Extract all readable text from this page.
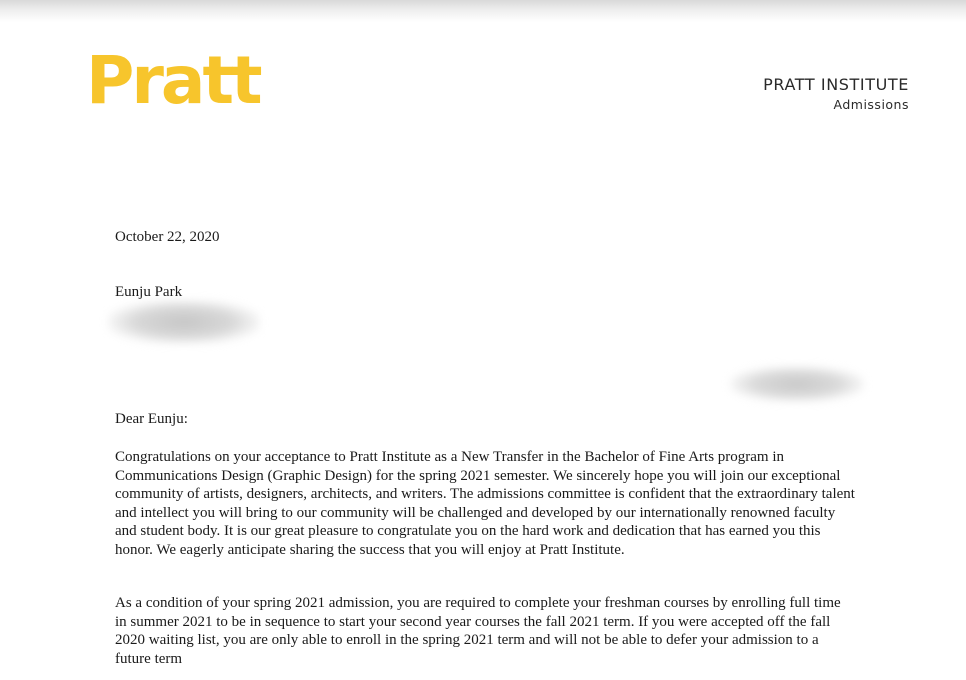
Pratt	PRATT INSTITUTE

Admissions

October 22, 2020

Eunju Park

Dear Eunju:

Congratulations on your acceptance to Pratt Institute as a New Transfer in the Bachelor of Fine Arts program in Communications Design (Graphic Design) for the spring 2021 semester. We sincerely hope you will join our exceptional community of artists, designers, architects, and writers. The admissions committee is confident that the extraordinary talent and intellect you will bring to our community will be challenged and developed by our internationally renowned faculty and student body. It is our great pleasure to congratulate you on the hard work and dedication that has earned you this honor. We eagerly anticipate sharing the success that you will enjoy at Pratt Institute.

As a condition of your spring 2021 admission, you are required to complete your freshman courses by enrolling full time in summer 2021 to be in sequence to start your second year courses the fall 2021 term. If you were accepted off the fall 2020 waiting list, you are only able to enroll in the spring 2021 term and will not be able to defer your admission to a future term
